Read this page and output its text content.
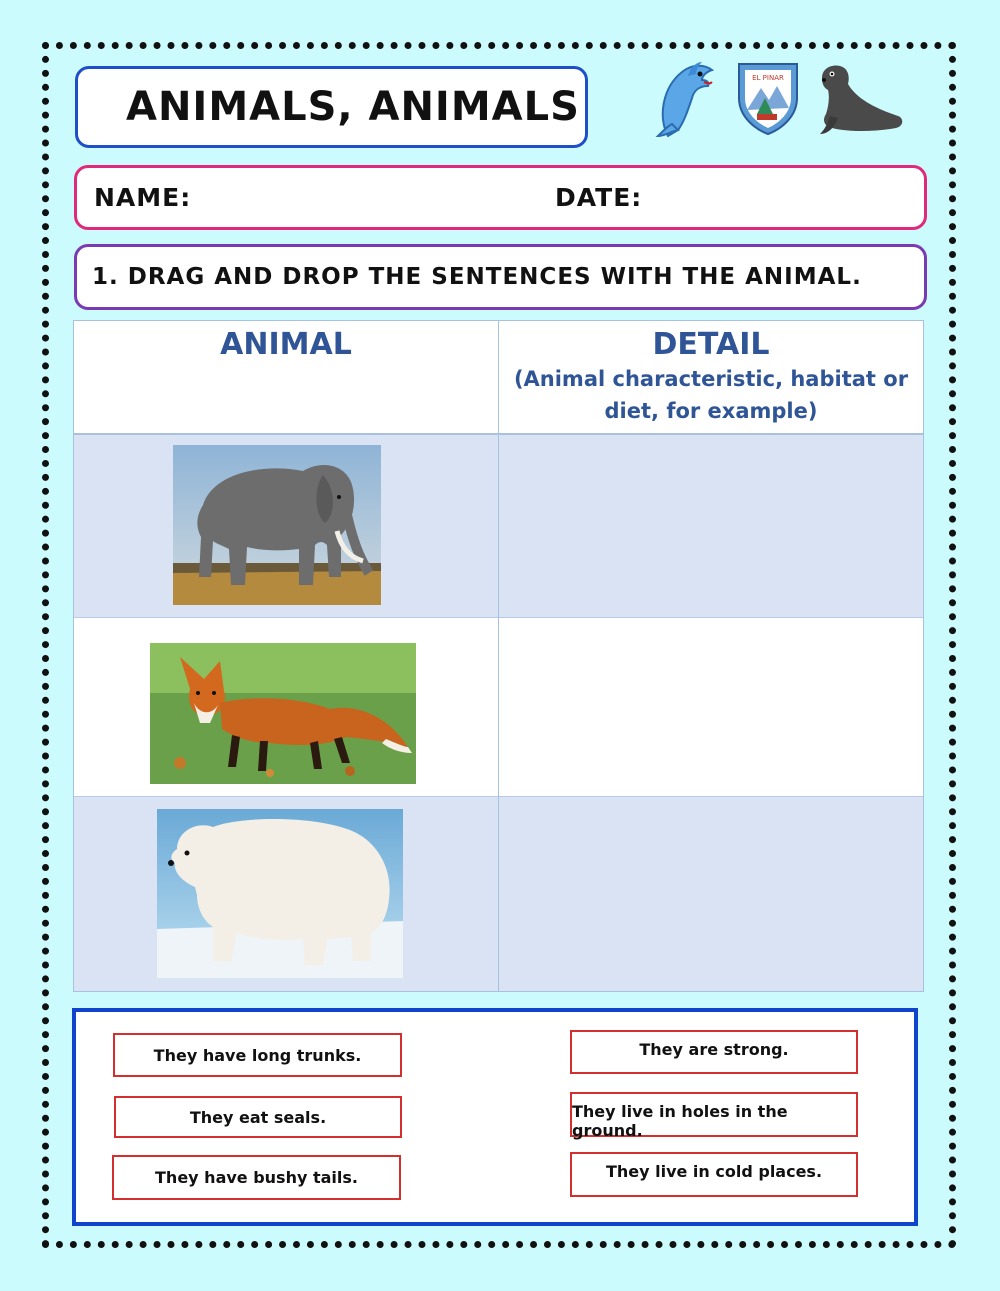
ANIMALS, ANIMALS
EL PINAR
NAME:	DATE:
1. DRAG AND DROP THE SENTENCES WITH THE ANIMAL.
ANIMAL	DETAIL
(Animal characteristic, habitat or
diet, for example)
They have long trunks.
They eat seals.
They have bushy tails.
They are strong.
They live in holes in the ground.
They live in cold places.
